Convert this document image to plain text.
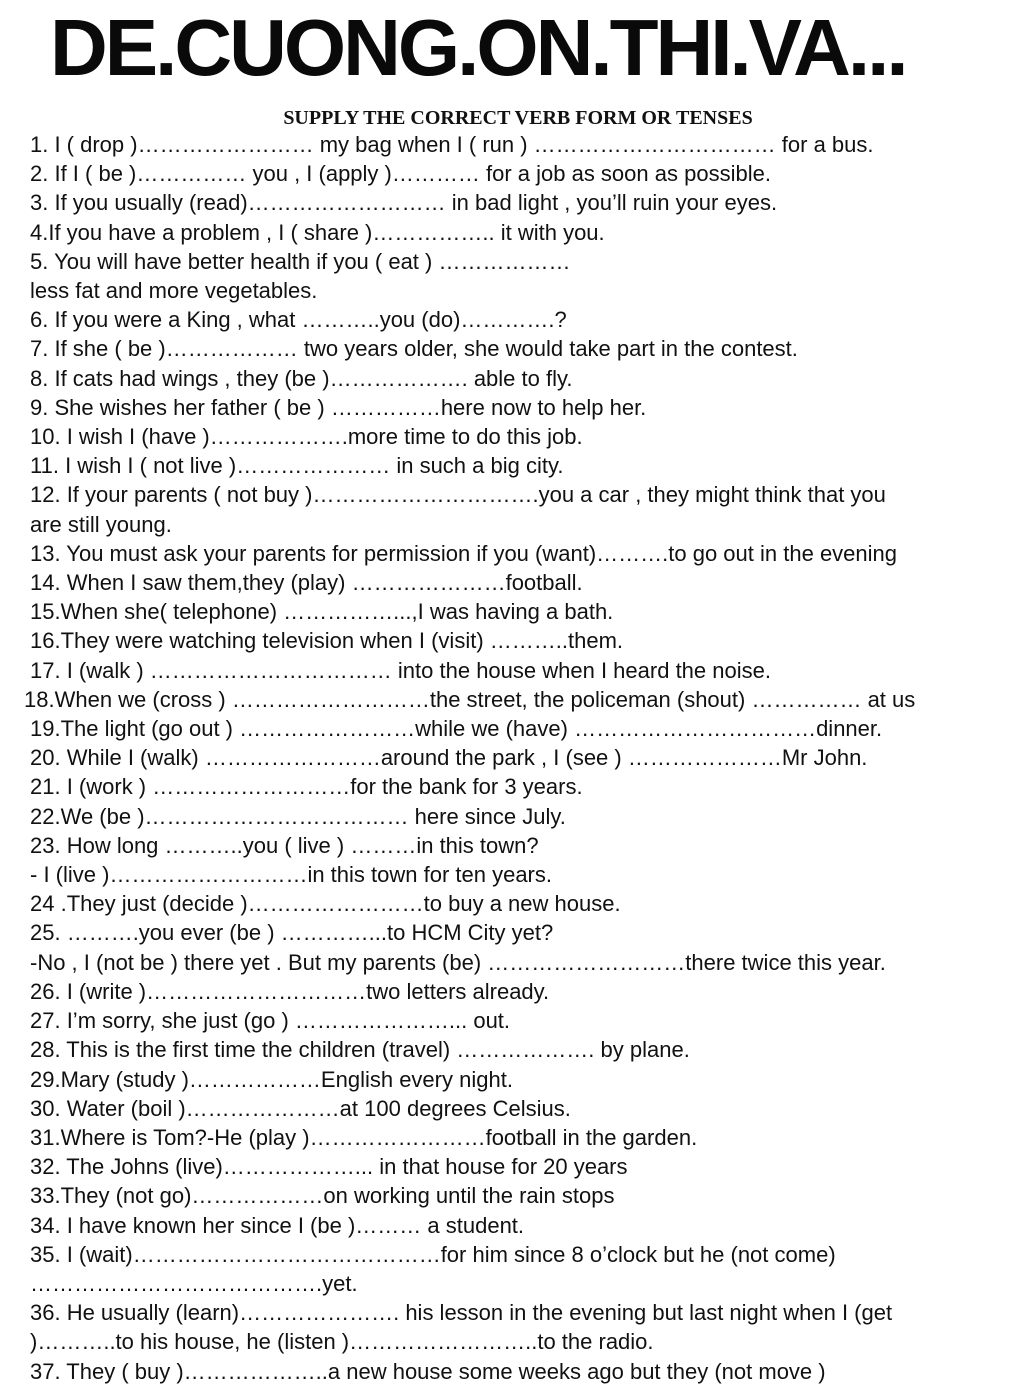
DE.CUONG.ON.THI.VA...
SUPPLY THE CORRECT VERB FORM OR TENSES
1. I ( drop )…………………… my bag when I ( run ) …………………………… for a bus.
2. If I ( be )…………… you , I (apply )………… for a job as soon as possible.
3. If you usually (read)……………………… in bad light , you’ll ruin your eyes.
4.If you have a problem , I ( share )…………….. it with you.
5. You will have better health if you ( eat ) ………………
less fat and more vegetables.
6. If you were a King , what ………..you (do)………….?
7. If she ( be )……………… two years older, she would take part in the contest.
8. If cats had wings , they (be )………………. able to fly.
9. She wishes her father ( be ) ……………here now to help her.
10. I wish I (have )……………….more time to do this job.
11. I wish I ( not live )………………… in such a big city.
12. If your parents ( not buy )………………………….you a car , they might think that you
are still young.
13. You must ask your parents for permission if you (want)……….to go out in the evening
14. When I saw them,they (play) …………………football.
15.When she( telephone) ……………...,I was having a bath.
16.They were watching television when I (visit) ………..them.
17. I (walk ) …………………………… into the house when I heard the noise.
18.When we (cross ) ………………………the street, the policeman (shout) …………… at us
19.The light (go out ) ……………………while we (have) ……………………………dinner.
20. While I (walk) ……………………around the park , I (see ) …………………Mr John.
21. I (work ) ………………………for the bank for 3 years.
22.We (be )……………………………… here since July.
23. How long ………..you ( live ) ………in this town?
- I (live )………………………in this town for ten years.
24 .They just (decide )……………………to buy a new house.
25. ……….you ever (be ) …………...to HCM City yet?
-No , I (not be ) there yet . But my parents (be) ………………………there twice this year.
26. I (write )…………………………two letters already.
27. I’m sorry, she just (go ) …………………... out.
28. This is the first time the children (travel) ………………. by plane.
29.Mary (study )………………English every night.
30. Water (boil )…………………at 100 degrees Celsius.
31.Where is Tom?-He (play )……………………football in the garden.
32. The Johns (live)………………... in that house for 20 years
33.They (not go)………………on working until the rain stops
34. I have known her since I (be )……… a student.
35. I (wait)……………………………………for him since 8 o’clock but he (not come)
………………………………….yet.
36. He usually (learn)…………………. his lesson in the evening but last night when I (get
)………..to his house, he (listen )……………………..to the radio.
37. They ( buy )………………..a new house some weeks ago but they (not move )
